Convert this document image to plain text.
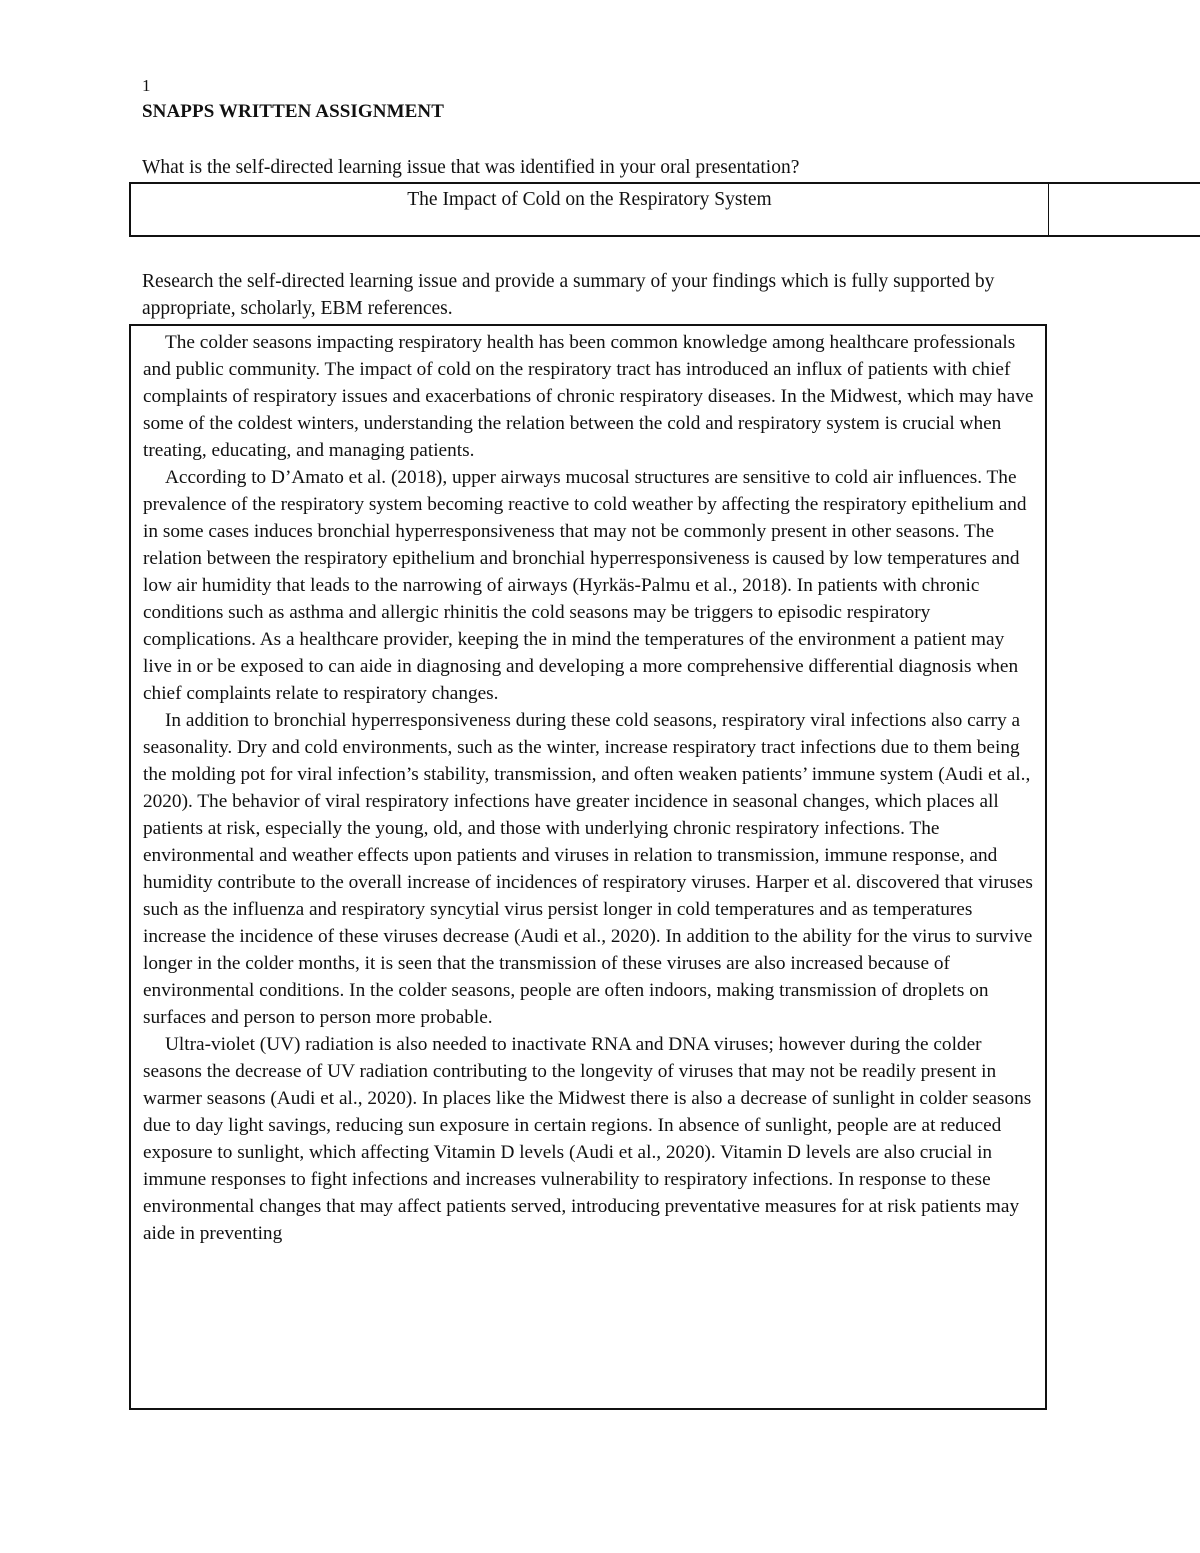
1
SNAPPS WRITTEN ASSIGNMENT
What is the self-directed learning issue that was identified in your oral presentation?
The Impact of Cold on the Respiratory System
Research the self-directed learning issue and provide a summary of your findings which is fully supported by appropriate, scholarly, EBM references.

The colder seasons impacting respiratory health has been common knowledge among healthcare professionals and public community. The impact of cold on the respiratory tract has introduced an influx of patients with chief complaints of respiratory issues and exacerbations of chronic respiratory diseases. In the Midwest, which may have some of the coldest winters, understanding the relation between the cold and respiratory system is crucial when treating, educating, and managing patients.

According to D’Amato et al. (2018), upper airways mucosal structures are sensitive to cold air influences. The prevalence of the respiratory system becoming reactive to cold weather by affecting the respiratory epithelium and in some cases induces bronchial hyperresponsiveness that may not be commonly present in other seasons. The relation between the respiratory epithelium and bronchial hyperresponsiveness is caused by low temperatures and low air humidity that leads to the narrowing of airways (Hyrkäs-Palmu et al., 2018). In patients with chronic conditions such as asthma and allergic rhinitis the cold seasons may be triggers to episodic respiratory complications. As a healthcare provider, keeping the in mind the temperatures of the environment a patient may live in or be exposed to can aide in diagnosing and developing a more comprehensive differential diagnosis when chief complaints relate to respiratory changes.

In addition to bronchial hyperresponsiveness during these cold seasons, respiratory viral infections also carry a seasonality. Dry and cold environments, such as the winter, increase respiratory tract infections due to them being the molding pot for viral infection’s stability, transmission, and often weaken patients’ immune system (Audi et al., 2020). The behavior of viral respiratory infections have greater incidence in seasonal changes, which places all patients at risk, especially the young, old, and those with underlying chronic respiratory infections. The environmental and weather effects upon patients and viruses in relation to transmission, immune response, and humidity contribute to the overall increase of incidences of respiratory viruses. Harper et al. discovered that viruses such as the influenza and respiratory syncytial virus persist longer in cold temperatures and as temperatures increase the incidence of these viruses decrease (Audi et al., 2020). In addition to the ability for the virus to survive longer in the colder months, it is seen that the transmission of these viruses are also increased because of environmental conditions. In the colder seasons, people are often indoors, making transmission of droplets on surfaces and person to person more probable.

Ultra-violet (UV) radiation is also needed to inactivate RNA and DNA viruses; however during the colder seasons the decrease of UV radiation contributing to the longevity of viruses that may not be readily present in warmer seasons (Audi et al., 2020). In places like the Midwest there is also a decrease of sunlight in colder seasons due to day light savings, reducing sun exposure in certain regions. In absence of sunlight, people are at reduced exposure to sunlight, which affecting Vitamin D levels (Audi et al., 2020). Vitamin D levels are also crucial in immune responses to fight infections and increases vulnerability to respiratory infections. In response to these environmental changes that may affect patients served, introducing preventative measures for at risk patients may aide in preventing
